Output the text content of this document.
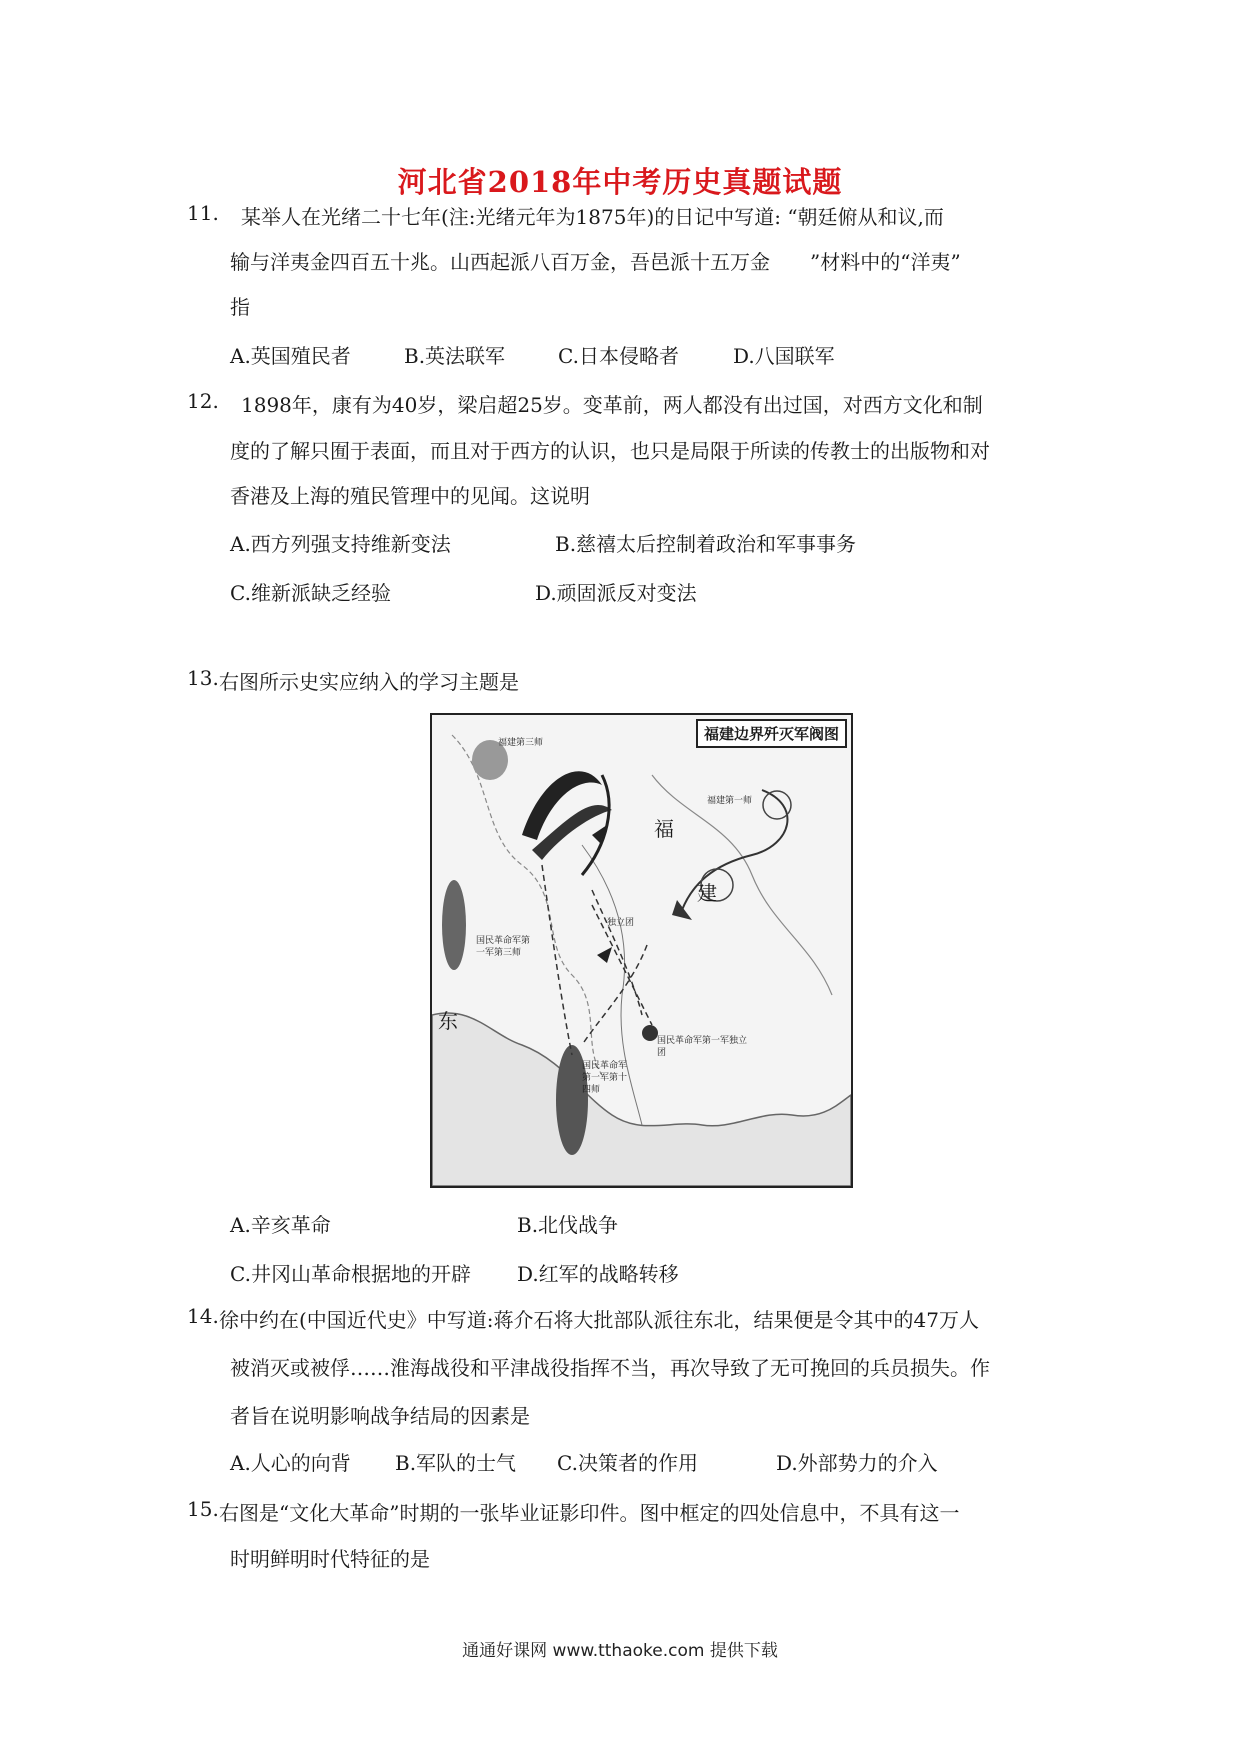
河北省2018年中考历史真题试题
11. 某举人在光绪二十七年(注:光绪元年为1875年)的日记中写道: “朝廷俯从和议,而
输与洋夷金四百五十兆。山西起派八百万金，吾邑派十五万金　　”材料中的“洋夷”
指
A.英国殖民者	B.英法联军	C.日本侵略者	D.八国联军
12. 1898年，康有为40岁，梁启超25岁。变革前，两人都没有出过国，对西方文化和制
度的了解只囿于表面，而且对于西方的认识，也只是局限于所读的传教士的出版物和对
香港及上海的殖民管理中的见闻。这说明
A.西方列强支持维新变法	B.慈禧太后控制着政治和军事事务
C.维新派缺乏经验	D.顽固派反对变法
13. 右图所示史实应纳入的学习主题是
福建边界歼灭军阀图
福建第三师
福建第一师
福
建
东
国民革命军第一军第三师
国民革命军第一军独立团
国民革命军第一军第十四师
独立团
A.辛亥革命	B.北伐战争
C.井冈山革命根据地的开辟 D.红军的战略转移
14. 徐中约在(中国近代史》中写道:蒋介石将大批部队派往东北，结果便是令其中的47万人
被消灭或被俘……淮海战役和平津战役指挥不当，再次导致了无可挽回的兵员损失。作
者旨在说明影响战争结局的因素是
A.人心的向背 B.军队的士气 C.决策者的作用	D.外部势力的介入
15. 右图是“文化大革命”时期的一张毕业证影印件。图中框定的四处信息中，不具有这一
时明鲜明时代特征的是
通通好课网 www.tthaoke.com 提供下载
